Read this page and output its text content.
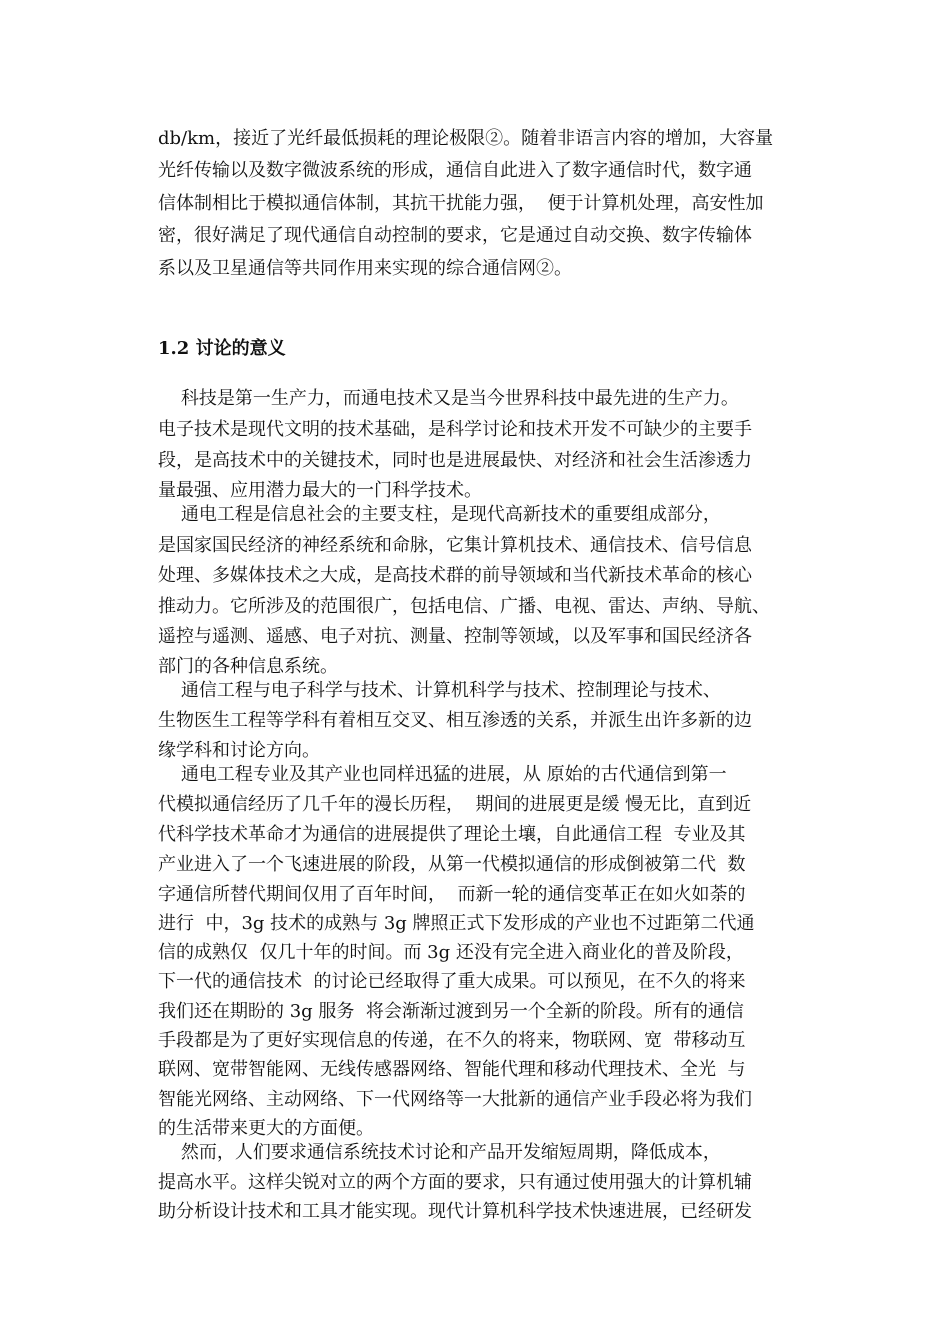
db/km，接近了光纤最低损耗的理论极限②。随着非语言内容的增加，大容量
光纤传输以及数字微波系统的形成，通信自此进入了数字通信时代，数字通
信体制相比于模拟通信体制，其抗干扰能力强，  便于计算机处理，高安性加
密，很好满足了现代通信自动控制的要求，它是通过自动交换、数字传输体
系以及卫星通信等共同作用来实现的综合通信网②。
1.2 讨论的意义
科技是第一生产力，而通电技术又是当今世界科技中最先进的生产力。
电子技术是现代文明的技术基础，是科学讨论和技术开发不可缺少的主要手
段，是高技术中的关键技术，同时也是进展最快、对经济和社会生活渗透力
量最强、应用潜力最大的一门科学技术。
通电工程是信息社会的主要支柱，是现代高新技术的重要组成部分，
是国家国民经济的神经系统和命脉，它集计算机技术、通信技术、信号信息
处理、多媒体技术之大成，是高技术群的前导领域和当代新技术革命的核心
推动力。它所涉及的范围很广，包括电信、广播、电视、雷达、声纳、导航、
遥控与遥测、遥感、电子对抗、测量、控制等领域，以及军事和国民经济各
部门的各种信息系统。
通信工程与电子科学与技术、计算机科学与技术、控制理论与技术、
生物医生工程等学科有着相互交叉、相互渗透的关系，并派生出许多新的边
缘学科和讨论方向。
通电工程专业及其产业也同样迅猛的进展，从 原始的古代通信到第一
代模拟通信经历了几千年的漫长历程，  期间的进展更是缓 慢无比，直到近
代科学技术革命才为通信的进展提供了理论土壤，自此通信工程  专业及其
产业进入了一个飞速进展的阶段，从第一代模拟通信的形成倒被第二代  数
字通信所替代期间仅用了百年时间，  而新一轮的通信变革正在如火如荼的
进行  中，3g 技术的成熟与 3g 牌照正式下发形成的产业也不过距第二代通
信的成熟仅  仅几十年的时间。而 3g 还没有完全进入商业化的普及阶段，
下一代的通信技术  的讨论已经取得了重大成果。可以预见，在不久的将来
我们还在期盼的 3g 服务  将会渐渐过渡到另一个全新的阶段。所有的通信
手段都是为了更好实现信息的传递，在不久的将来，物联网、宽  带移动互
联网、宽带智能网、无线传感器网络、智能代理和移动代理技术、全光  与
智能光网络、主动网络、下一代网络等一大批新的通信产业手段必将为我们
的生活带来更大的方面便。
然而，人们要求通信系统技术讨论和产品开发缩短周期，降低成本，
提高水平。这样尖锐对立的两个方面的要求，只有通过使用强大的计算机辅
助分析设计技术和工具才能实现。现代计算机科学技术快速进展，已经研发
